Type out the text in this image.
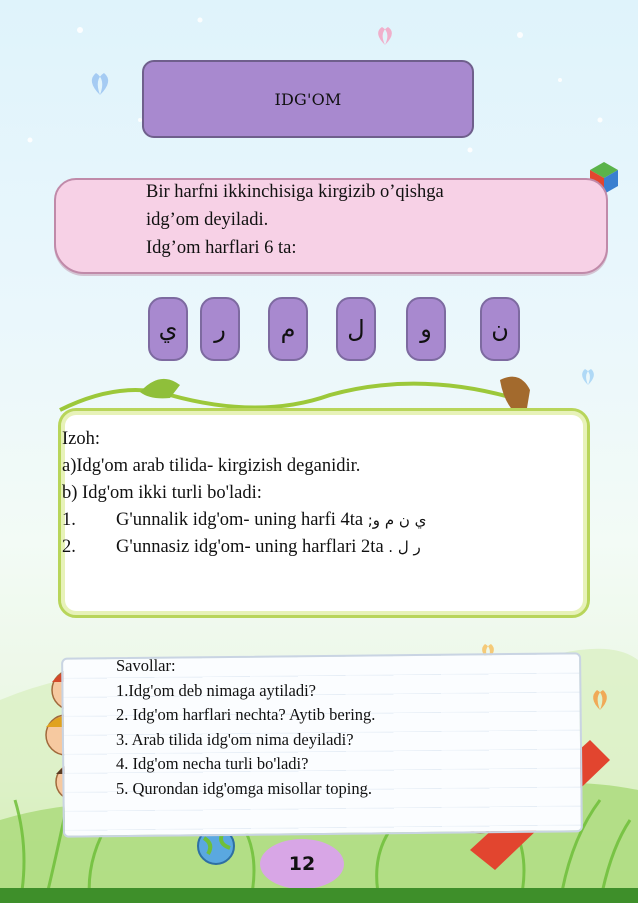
IDG'OM
Bir harfni ikkinchisiga kirgizib o’qishga
idg’om deyiladi.
Idg’om harflari 6 ta:
ي	ر	م	ل	و	ن
Izoh:
a)Idg'om arab tilida- kirgizish deganidir.
b) Idg'om ikki turli bo'ladi:
1. G'unnalik idg'om- uning harfi 4ta ي ن م و;
2. G'unnasiz idg'om- uning harflari 2ta ر ل .
Savollar:
1.Idg'om deb nimaga aytiladi?
2. Idg'om harflari nechta? Aytib bering.
3. Arab tilida idg'om nima deyiladi?
4. Idg'om necha turli bo'ladi?
5. Qurondan idg'omga misollar toping.
12
